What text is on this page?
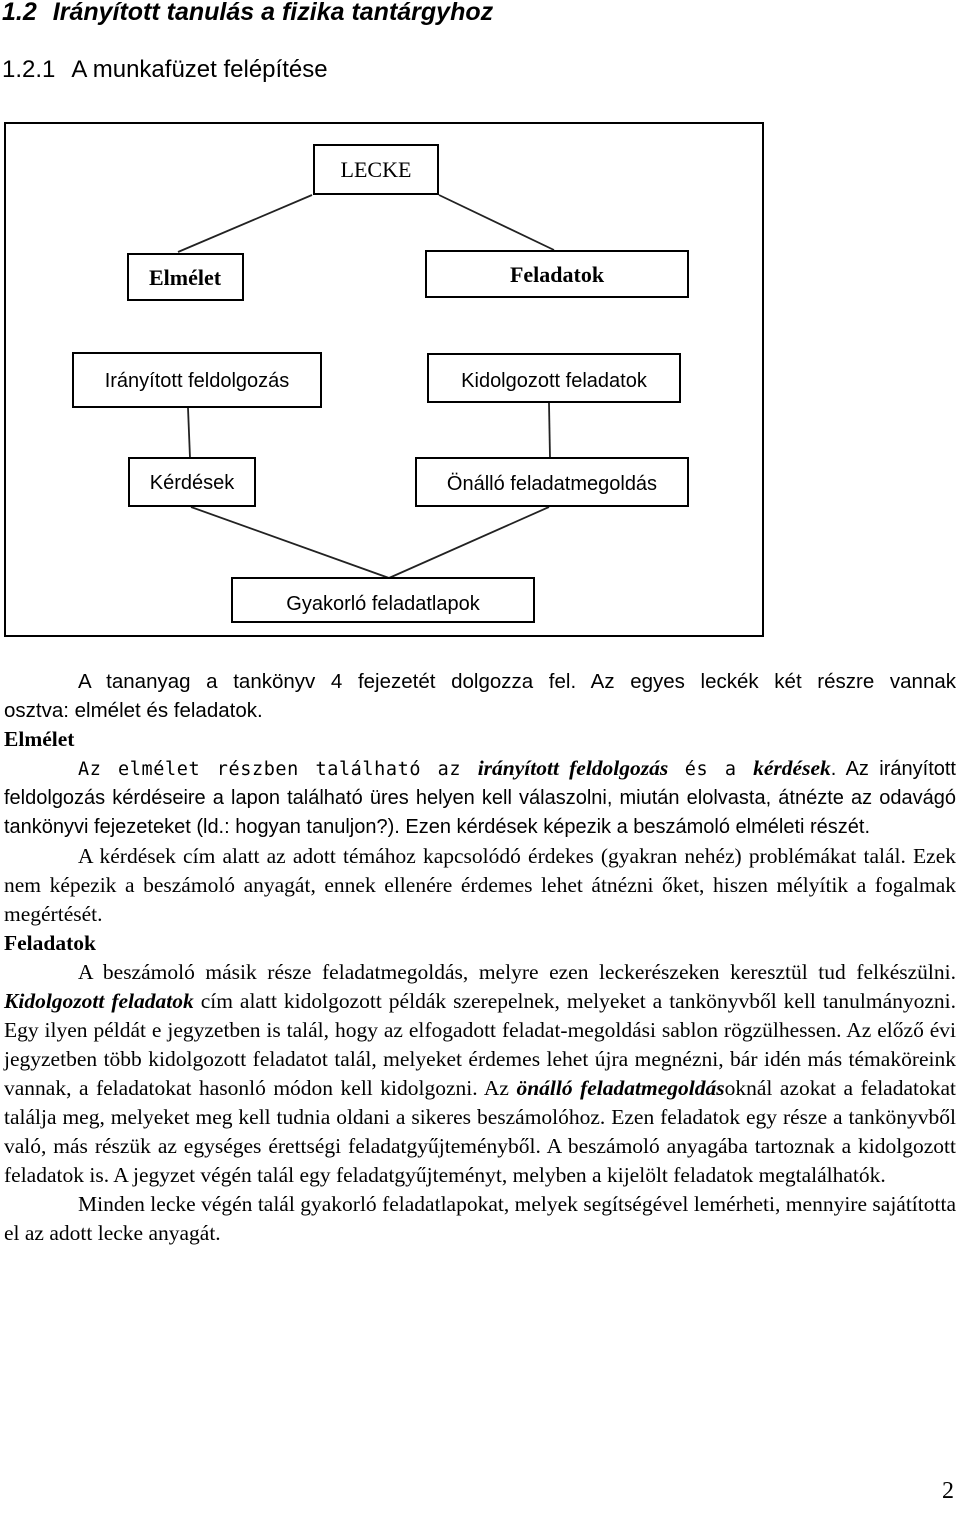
1.2 Irányított tanulás a fizika tantárgyhoz
1.2.1 A munkafüzet felépítése
LECKE
Elmélet	Feladatok
Irányított feldolgozás	Kidolgozott feladatok
Kérdések	Önálló feladatmegoldás
Gyakorló feladatlapok

A tananyag a tankönyv 4 fejezetét dolgozza fel. Az egyes leckék két részre vannak

osztva: elmélet és feladatok.

Elmélet

Az elmélet részben található az irányított feldolgozás és a kérdések. Az irányított feldolgozás kérdéseire a lapon található üres helyen kell válaszolni, miután elolvasta, átnézte az odavágó tankönyvi fejezeteket (ld.: hogyan tanuljon?). Ezen kérdések képezik a beszámoló elméleti részét.

A kérdések cím alatt az adott témához kapcsolódó érdekes (gyakran nehéz) problémákat talál. Ezek nem képezik a beszámoló anyagát, ennek ellenére érdemes lehet átnézni őket, hiszen mélyítik a fogalmak megértését.

Feladatok

A beszámoló másik része feladatmegoldás, melyre ezen leckerészeken keresztül tud felkészülni. Kidolgozott feladatok cím alatt kidolgozott példák szerepelnek, melyeket a tankönyvből kell tanulmányozni. Egy ilyen példát e jegyzetben is talál, hogy az elfogadott feladat-megoldási sablon rögzülhessen. Az előző évi jegyzetben több kidolgozott feladatot talál, melyeket érdemes lehet újra megnézni, bár idén más témaköreink vannak, a feladatokat hasonló módon kell kidolgozni. Az önálló feladatmegoldásoknál azokat a feladatokat találja meg, melyeket meg kell tudnia oldani a sikeres beszámolóhoz. Ezen feladatok egy része a tankönyvből való, más részük az egységes érettségi feladatgyűjteményből. A beszámoló anyagába tartoznak a kidolgozott feladatok is. A jegyzet végén talál egy feladatgyűjteményt, melyben a kijelölt feladatok megtalálhatók.

Minden lecke végén talál gyakorló feladatlapokat, melyek segítségével lemérheti, mennyire sajátította el az adott lecke anyagát.

2
